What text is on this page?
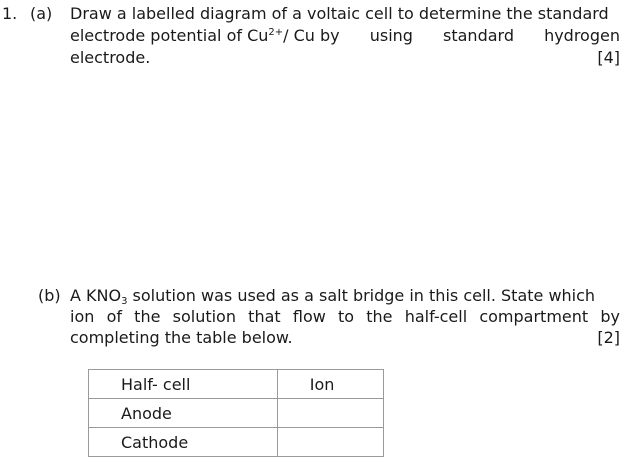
1. (a) Draw a labelled diagram of a voltaic cell to determine the standard
electrode potential of $Cu^{2+}/$ Cu by using standard hydrogen
electrode.	[4]
(b) A $KNO_3$ solution was used as a salt bridge in this cell. State which
ion of the solution that flow to the half-cell compartment by
completing the table below.	[2]
Half- cell	Ion
Anode	
Cathode	
